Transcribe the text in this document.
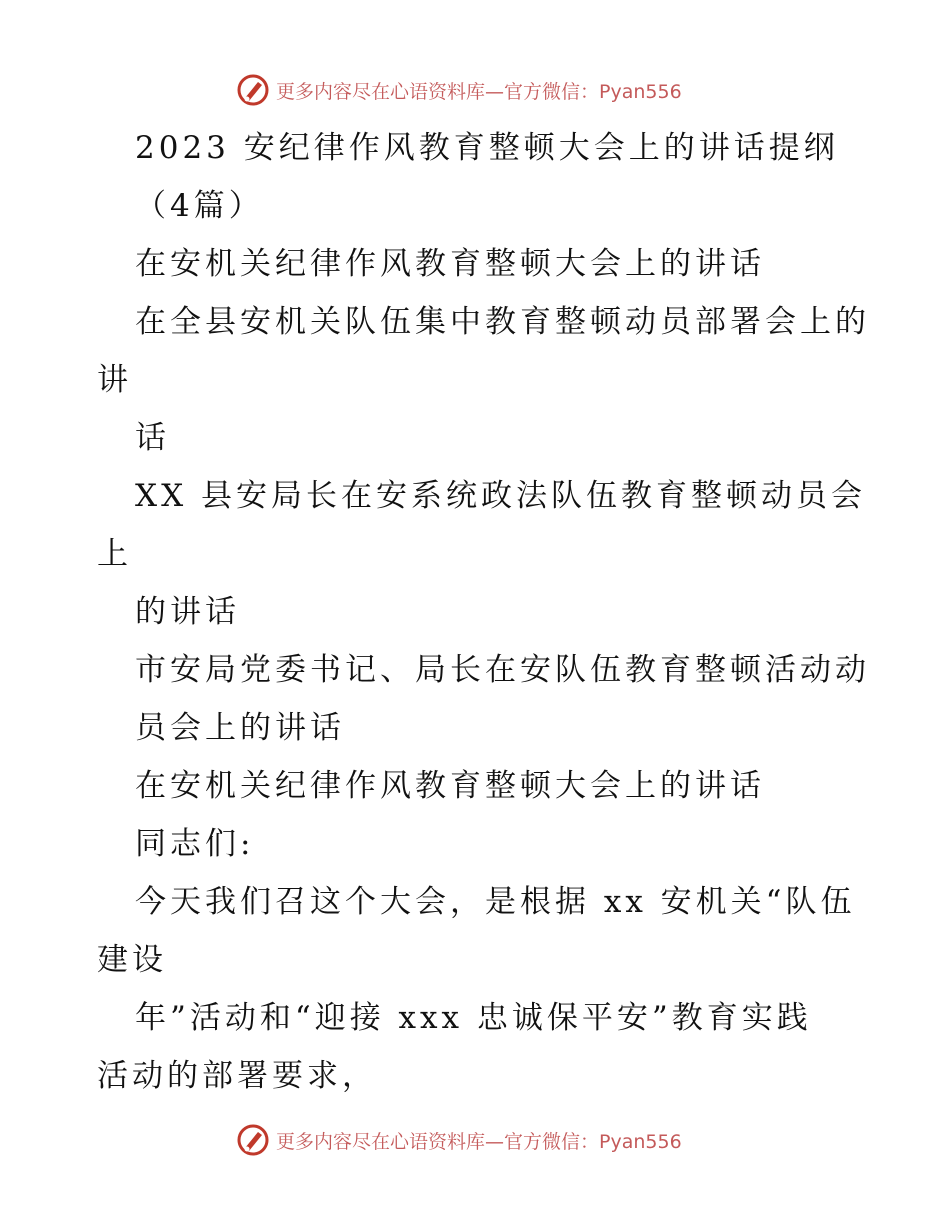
更多内容尽在心语资料库—官方微信：Pyan556
2023 安纪律作风教育整顿大会上的讲话提纲
（4篇）
在安机关纪律作风教育整顿大会上的讲话
在全县安机关队伍集中教育整顿动员部署会上的
讲
话
XX 县安局长在安系统政法队伍教育整顿动员会
上
的讲话
市安局党委书记、局长在安队伍教育整顿活动动
员会上的讲话
在安机关纪律作风教育整顿大会上的讲话
同志们:
今天我们召这个大会，是根据 xx 安机关“队伍
建设
年”活动和“迎接 xxx 忠诚保平安”教育实践
活动的部署要求，
更多内容尽在心语资料库—官方微信：Pyan556
